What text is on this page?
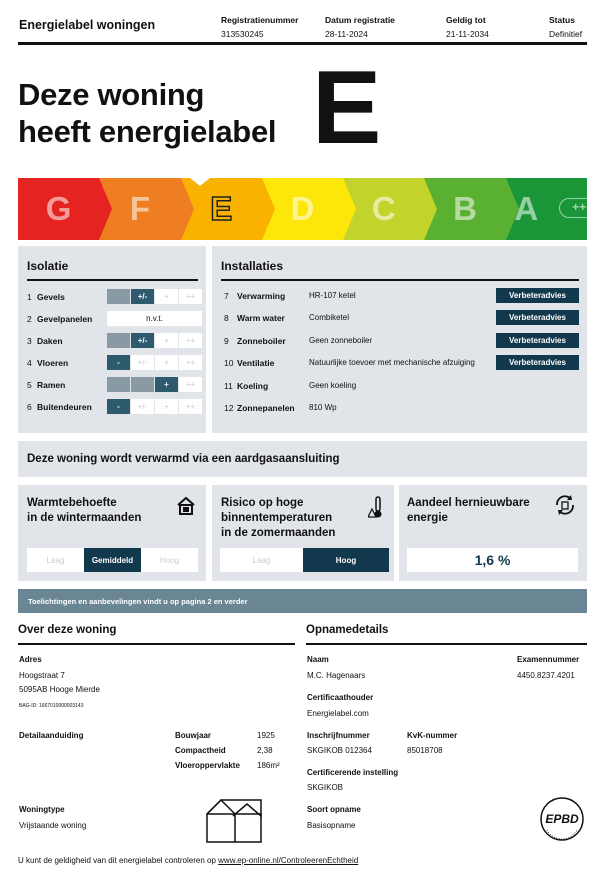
Energielabel woningen	Registratienummer
313530245
Datum registratie
28-11-2024
Geldig tot
21-11-2034
Status
Definitief
Deze woning
heeft energielabel E
G F E D C B A	++++
Isolatie
1 Gevels	+/-	+	++
2 Gevelpanelen	n.v.t.
3 Daken	+/-	+	++
4 Vloeren	-	+/-	+	++
5 Ramen	+	++
6 Buitendeuren	-	+/-	+	++
Installaties
7 Verwarming	HR-107 ketel	Verbeteradvies
8 Warm water	Combiketel	Verbeteradvies
9 Zonneboiler	Geen zonneboiler	Verbeteradvies
10 Ventilatie	Natuurlijke toevoer met mechanische afzuiging	Verbeteradvies
11 Koeling	Geen koeling
12 Zonnepanelen 810 Wp
Deze woning wordt verwarmd via een aardgasaansluiting
Warmtebehoefte
in de wintermaanden
Laag	Gemiddeld	Hoog
Risico op hoge
binnentemperaturen
in de zomermaanden
Laag	Hoog
Aandeel hernieuwbare
energie
1,6 %
Toelichtingen en aanbevelingen vindt u op pagina 2 en verder
Over deze woning
Adres
Hoogstraat 7
5095AB Hooge Mierde
BAG-ID: 1667010000003143
Detailaanduiding	Bouwjaar	1925
Compactheid	2,38
Vloeroppervlakte 186m²
Woningtype
Vrijstaande woning
Opnamedetails
Naam
M.C. Hagenaars
Examennummer
4450.8237.4201
Certificaathouder
Energielabel.com
Inschrijfnummer
SKGIKOB 012364
KvK-nummer
85018708
Certificerende instelling
SKGIKOB
Soort opname
Basisopname	EPBD
U kunt de geldigheid van dit energielabel controleren op www.ep-online.nl/ControleerenEchtheid
